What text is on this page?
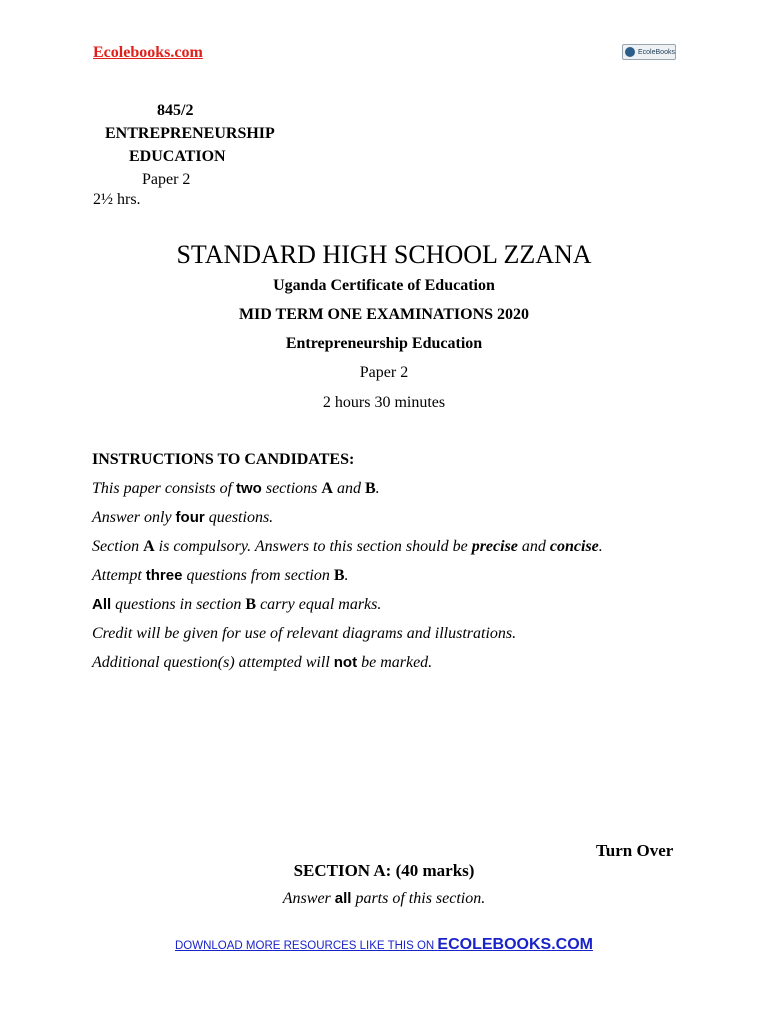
Ecolebooks.com	EcoleBooks
845/2
ENTREPRENEURSHIP
EDUCATION
Paper 2
2½ hrs.
STANDARD HIGH SCHOOL ZZANA
Uganda Certificate of Education
MID TERM ONE EXAMINATIONS 2020
Entrepreneurship Education
Paper 2
2 hours 30 minutes
INSTRUCTIONS TO CANDIDATES:
This paper consists of two sections A and B.
Answer only four questions.
Section A is compulsory. Answers to this section should be precise and concise.
Attempt three questions from section B.
All questions in section B carry equal marks.
Credit will be given for use of relevant diagrams and illustrations.
Additional question(s) attempted will not be marked.
Turn Over
SECTION A: (40 marks)
Answer all parts of this section.
DOWNLOAD MORE RESOURCES LIKE THIS ON ECOLEBOOKS.COM
